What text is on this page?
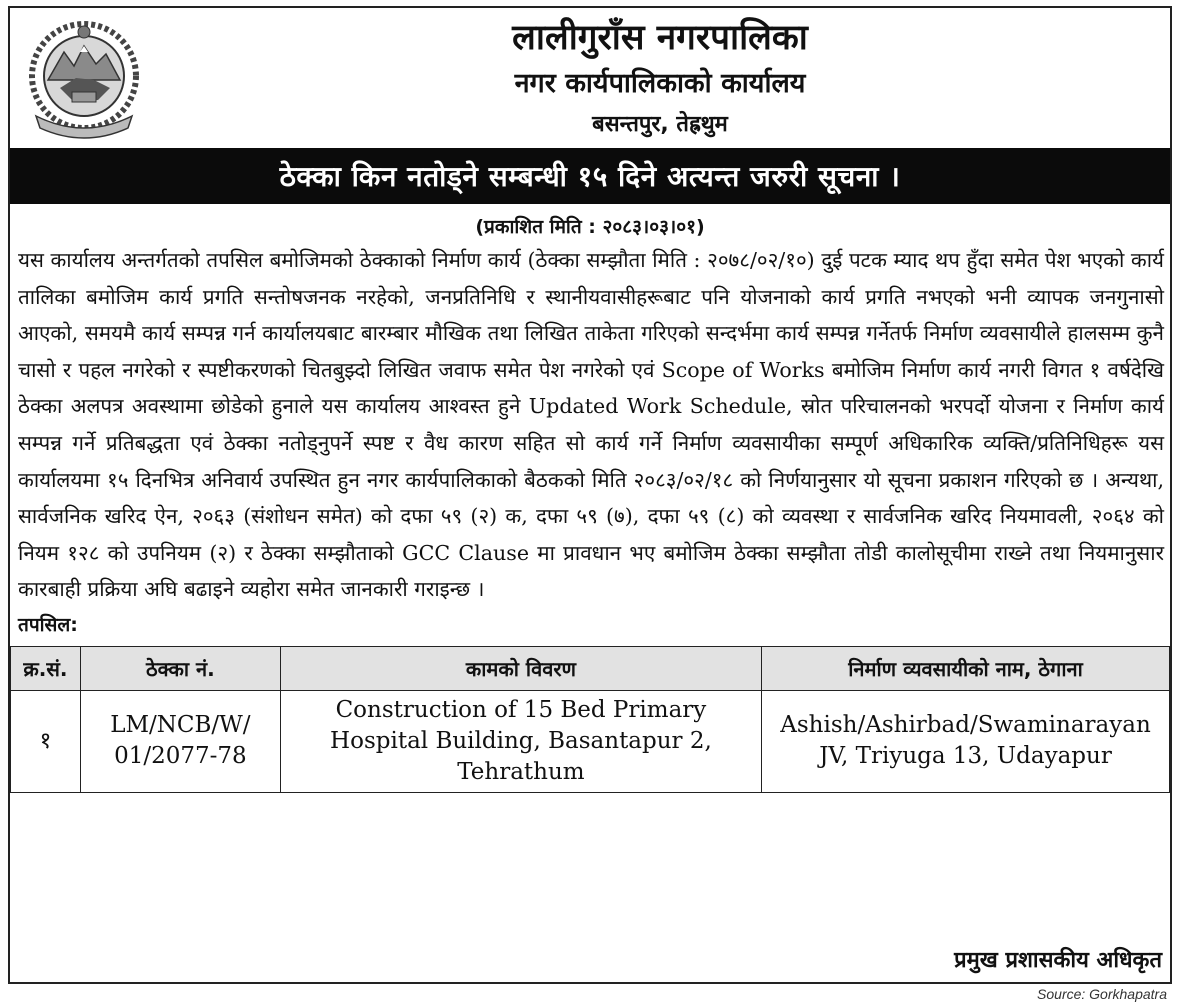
लालीगुराँस नगरपालिका
नगर कार्यपालिकाको कार्यालय
बसन्तपुर, तेह्रथुम
ठेक्का किन नतोड्ने सम्बन्धी १५ दिने अत्यन्त जरुरी सूचना ।
(प्रकाशित मिति : २०८३।०३।०१)

यस कार्यालय अन्तर्गतको तपसिल बमोजिमको ठेक्काको निर्माण कार्य (ठेक्का सम्झौता मिति : २०७८/०२/१०) दुई पटक म्याद थप हुँदा समेत पेश भएको कार्य तालिका बमोजिम कार्य प्रगति सन्तोषजनक नरहेको, जनप्रतिनिधि र स्थानीयवासीहरूबाट पनि योजनाको कार्य प्रगति नभएको भनी व्यापक जनगुनासो आएको, समयमै कार्य सम्पन्न गर्न कार्यालयबाट बारम्बार मौखिक तथा लिखित ताकेता गरिएको सन्दर्भमा कार्य सम्पन्न गर्नेतर्फ निर्माण व्यवसायीले हालसम्म कुनै चासो र पहल नगरेको र स्पष्टीकरणको चितबुझ्दो लिखित जवाफ समेत पेश नगरेको एवं Scope of Works बमोजिम निर्माण कार्य नगरी विगत १ वर्षदेखि ठेक्का अलपत्र अवस्थामा छोडेको हुनाले यस कार्यालय आश्वस्त हुने Updated Work Schedule, स्रोत परिचालनको भरपर्दो योजना र निर्माण कार्य सम्पन्न गर्ने प्रतिबद्धता एवं ठेक्का नतोड्नुपर्ने स्पष्ट र वैध कारण सहित सो कार्य गर्ने निर्माण व्यवसायीका सम्पूर्ण अधिकारिक व्यक्ति/प्रतिनिधिहरू यस कार्यालयमा १५ दिनभित्र अनिवार्य उपस्थित हुन नगर कार्यपालिकाको बैठकको मिति २०८३/०२/१८ को निर्णयानुसार यो सूचना प्रकाशन गरिएको छ । अन्यथा, सार्वजनिक खरिद ऐन, २०६३ (संशोधन समेत) को दफा ५९ (२) क, दफा ५९ (७), दफा ५९ (८) को व्यवस्था र सार्वजनिक खरिद नियमावली, २०६४ को नियम १२८ को उपनियम (२) र ठेक्का सम्झौताको GCC Clause मा प्रावधान भए बमोजिम ठेक्का सम्झौता तोडी कालोसूचीमा राख्ने तथा नियमानुसार कारबाही प्रक्रिया अघि बढाइने व्यहोरा समेत जानकारी गराइन्छ ।

तपसिल:
क्र.सं.	ठेक्का नं.	कामको विवरण	निर्माण व्यवसायीको नाम, ठेगाना
१	LM/NCB/W/ 01/2077-78	Construction of 15 Bed Primary Hospital Building, Basantapur 2, Tehrathum	Ashish/Ashirbad/Swaminarayan JV, Triyuga 13, Udayapur
प्रमुख प्रशासकीय अधिकृत
Source: Gorkhapatra
